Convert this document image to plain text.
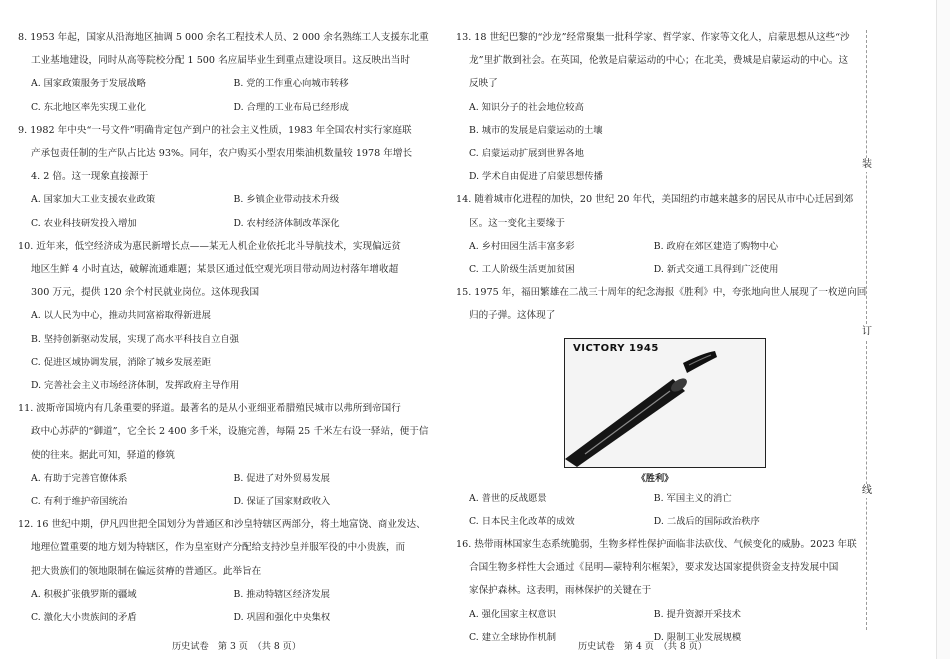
8. 1953 年起，国家从沿海地区抽调 5 000 余名工程技术人员、2 000 余名熟练工人支援东北重
工业基地建设，同时从高等院校分配 1 500 名应届毕业生到重点建设项目。这反映出当时
A. 国家政策服务于发展战略	B. 党的工作重心向城市转移
C. 东北地区率先实现工业化	D. 合理的工业布局已经形成
9. 1982 年中央“一号文件”明确肯定包产到户的社会主义性质，1983 年全国农村实行家庭联
产承包责任制的生产队占比达 93%。同年，农户购买小型农用柴油机数量较 1978 年增长
4. 2 倍。这一现象直接源于
A. 国家加大工业支援农业政策	B. 乡镇企业带动技术升级
C. 农业科技研发投入增加	D. 农村经济体制改革深化
10. 近年来，低空经济成为惠民新增长点——某无人机企业依托北斗导航技术，实现偏远贫
地区生鲜 4 小时直达，破解流通难题；某景区通过低空观光项目带动周边村落年增收超
300 万元，提供 120 余个村民就业岗位。这体现我国
A. 以人民为中心，推动共同富裕取得新进展
B. 坚持创新驱动发展，实现了高水平科技自立自强
C. 促进区域协调发展，消除了城乡发展差距
D. 完善社会主义市场经济体制，发挥政府主导作用
11. 波斯帝国境内有几条重要的驿道。最著名的是从小亚细亚希腊殖民城市以弗所到帝国行
政中心苏萨的“御道”，它全长 2 400 多千米，设施完善，每隔 25 千米左右设一驿站，便于信
使的往来。据此可知，驿道的修筑
A. 有助于完善官僚体系	B. 促进了对外贸易发展
C. 有利于维护帝国统治	D. 保证了国家财政收入
12. 16 世纪中期，伊凡四世把全国划分为普通区和沙皇特辖区两部分，将土地富饶、商业发达、
地理位置重要的地方划为特辖区，作为皇室财产分配给支持沙皇并服军役的中小贵族，而
把大贵族们的领地限制在偏远贫瘠的普通区。此举旨在
A. 积极扩张俄罗斯的疆域	B. 推动特辖区经济发展
C. 激化大小贵族间的矛盾	D. 巩固和强化中央集权
13. 18 世纪巴黎的“沙龙”经常聚集一批科学家、哲学家、作家等文化人，启蒙思想从这些“沙
龙”里扩散到社会。在英国，伦敦是启蒙运动的中心；在北美，费城是启蒙运动的中心。这
反映了
A. 知识分子的社会地位较高
B. 城市的发展是启蒙运动的土壤
C. 启蒙运动扩展到世界各地
D. 学术自由促进了启蒙思想传播
14. 随着城市化进程的加快，20 世纪 20 年代，美国纽约市越来越多的居民从市中心迁居到郊
区。这一变化主要缘于
A. 乡村田园生活丰富多彩	B. 政府在郊区建造了购物中心
C. 工人阶级生活更加贫困	D. 新式交通工具得到广泛使用
15. 1975 年，福田繁雄在二战三十周年的纪念海报《胜利》中，夸张地向世人展现了一枚逆向回
归的子弹。这体现了
VICTORY 1945
《胜利》
A. 普世的反战愿景	B. 军国主义的消亡
C. 日本民主化改革的成效	D. 二战后的国际政治秩序
16. 热带雨林国家生态系统脆弱，生物多样性保护面临非法砍伐、气候变化的威胁。2023 年联
合国生物多样性大会通过《昆明—蒙特利尔框架》，要求发达国家提供资金支持发展中国
家保护森林。这表明，雨林保护的关键在于
A. 强化国家主权意识	B. 提升资源开采技术
C. 建立全球协作机制	D. 限制工业发展规模
历史试卷　第 3 页　（共 8 页）	历史试卷　第 4 页　（共 8 页）
装
订
线
